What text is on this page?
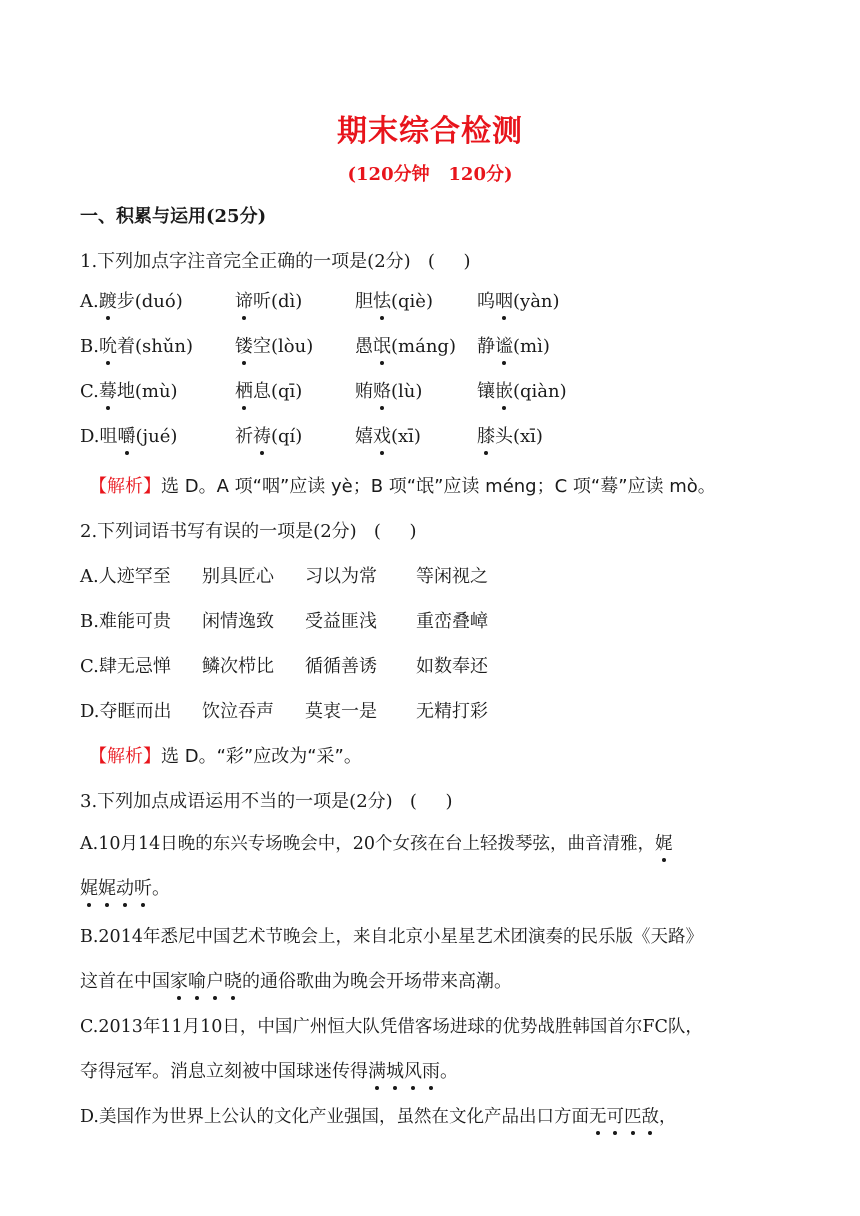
期末综合检测
(120分钟   120分)
一、积累与运用(25分)
1.下列加点字注音完全正确的一项是(2分)   (     )
A.踱步(duó)	谛听(dì)	胆怯(qiè) 呜咽(yàn)
B.吮着(shǔn) 镂空(lòu) 愚氓(máng) 静谧(mì)
C.蓦地(mù)	栖息(qī)	贿赂(lù)	镶嵌(qiàn)
D.咀嚼(jué)	祈祷(qí)	嬉戏(xī)	膝头(xī)
【解析】选 D。A 项“咽”应读 yè；B 项“氓”应读 méng；C 项“蓦”应读 mò。
2.下列词语书写有误的一项是(2分)   (     )
A.人迹罕至 别具匠心 习以为常 等闲视之
B.难能可贵 闲情逸致 受益匪浅 重峦叠嶂
C.肆无忌惮 鳞次栉比 循循善诱 如数奉还
D.夺眶而出 饮泣吞声 莫衷一是 无精打彩
【解析】选 D。“彩”应改为“采”。
3.下列加点成语运用不当的一项是(2分)   (     )
A.10月14日晚的东兴专场晚会中，20个女孩在台上轻拨琴弦，曲音清雅，娓
娓娓动听。
B.2014年悉尼中国艺术节晚会上，来自北京小星星艺术团演奏的民乐版《天路》
这首在中国家喻户晓的通俗歌曲为晚会开场带来高潮。
C.2013年11月10日，中国广州恒大队凭借客场进球的优势战胜韩国首尔FC队，
夺得冠军。消息立刻被中国球迷传得满城风雨。
D.美国作为世界上公认的文化产业强国，虽然在文化产品出口方面无可匹敌，
